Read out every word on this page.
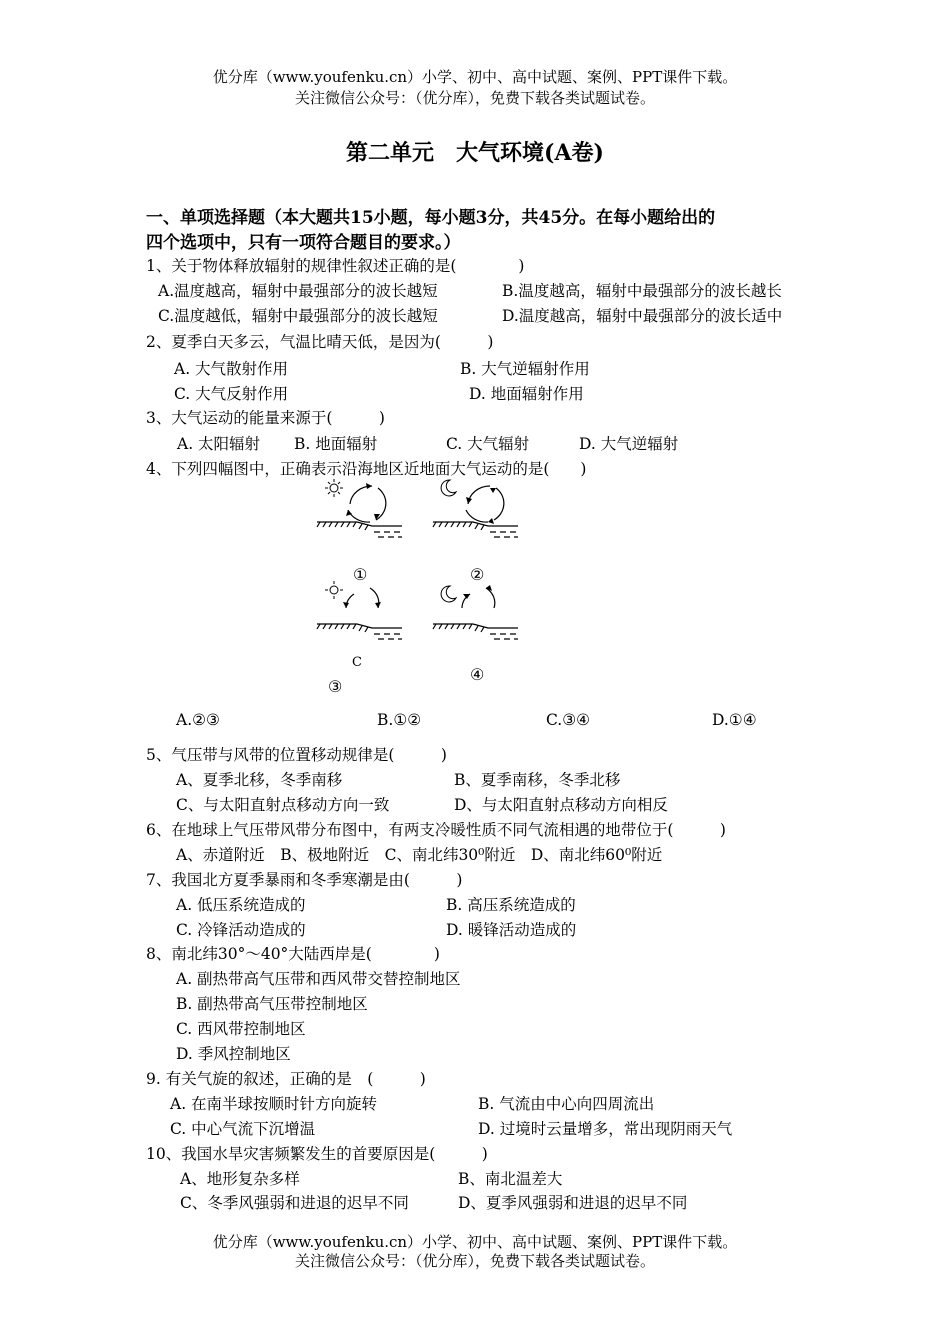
优分库（www.youfenku.cn）小学、初中、高中试题、案例、PPT课件下载。
关注微信公众号：（优分库），免费下载各类试题试卷。
第二单元　大气环境(A卷)
一、单项选择题（本大题共15小题，每小题3分，共45分。在每小题给出的
四个选项中，只有一项符合题目的要求。）
1、关于物体释放辐射的规律性叙述正确的是(　　　　)
A.温度越高，辐射中最强部分的波长越短	B.温度越高，辐射中最强部分的波长越长
C.温度越低，辐射中最强部分的波长越短	D.温度越高，辐射中最强部分的波长适中
2、夏季白天多云，气温比晴天低，是因为(　　　)
A. 大气散射作用	B. 大气逆辐射作用
C. 大气反射作用	D. 地面辐射作用
3、大气运动的能量来源于(　　　)
A. 太阳辐射 B. 地面辐射	C. 大气辐射	D. 大气逆辐射
4、下列四幅图中，正确表示沿海地区近地面大气运动的是(　　)
①	②
C
③
④
A.②③	B.①②	C.③④	D.①④
5、气压带与风带的位置移动规律是(　　　)
A、夏季北移，冬季南移	B、夏季南移，冬季北移
C、与太阳直射点移动方向一致	D、与太阳直射点移动方向相反
6、在地球上气压带风带分布图中，有两支冷暖性质不同气流相遇的地带位于(　　　)
A、赤道附近　B、极地附近　C、南北纬30⁰附近　D、南北纬60⁰附近
7、我国北方夏季暴雨和冬季寒潮是由(　　　)
A. 低压系统造成的	B. 高压系统造成的
C. 冷锋活动造成的	D. 暖锋活动造成的
8、南北纬30°～40°大陆西岸是(　　　　)
A. 副热带高气压带和西风带交替控制地区
B. 副热带高气压带控制地区
C. 西风带控制地区
D. 季风控制地区
9. 有关气旋的叙述，正确的是　(　　　)
A. 在南半球按顺时针方向旋转	B. 气流由中心向四周流出
C. 中心气流下沉增温	D. 过境时云量增多，常出现阴雨天气
10、我国水旱灾害频繁发生的首要原因是(　　　)
A、地形复杂多样	B、南北温差大
C、冬季风强弱和进退的迟早不同	D、夏季风强弱和进退的迟早不同
优分库（www.youfenku.cn）小学、初中、高中试题、案例、PPT课件下载。
关注微信公众号：（优分库），免费下载各类试题试卷。
